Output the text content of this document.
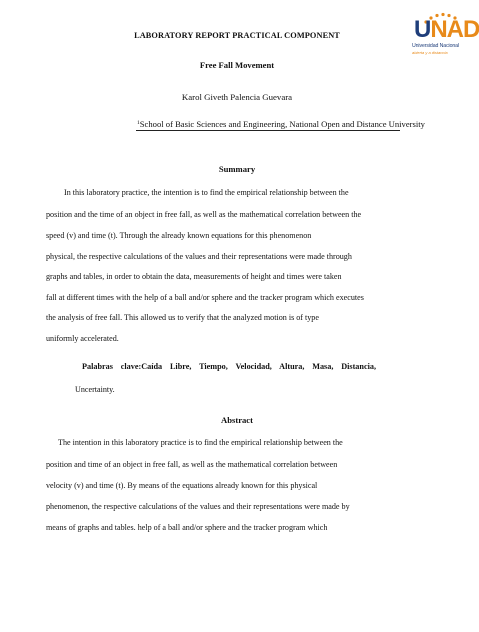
UNAD
Universidad Nacional
abierta y a distancia
LABORATORY REPORT PRACTICAL COMPONENT
Free Fall Movement
Karol Giveth Palencia Guevara
$^1$School of Basic Sciences and Engineering, National Open and Distance University
Summary
In this laboratory practice, the intention is to find the empirical relationship between the
position and the time of an object in free fall, as well as the mathematical correlation between the
speed (v) and time (t). Through the already known equations for this phenomenon
physical, the respective calculations of the values and their representations were made through
graphs and tables, in order to obtain the data, measurements of height and times were taken
fall at different times with the help of a ball and/or sphere and the tracker program which executes
the analysis of free fall. This allowed us to verify that the analyzed motion is of type
uniformly accelerated.
Palabras clave:Caída Libre, Tiempo, Velocidad, Altura, Masa, Distancia,
Uncertainty.
Abstract
The intention in this laboratory practice is to find the empirical relationship between the
position and time of an object in free fall, as well as the mathematical correlation between
velocity (v) and time (t). By means of the equations already known for this physical
phenomenon, the respective calculations of the values and their representations were made by
means of graphs and tables. help of a ball and/or sphere and the tracker program which
